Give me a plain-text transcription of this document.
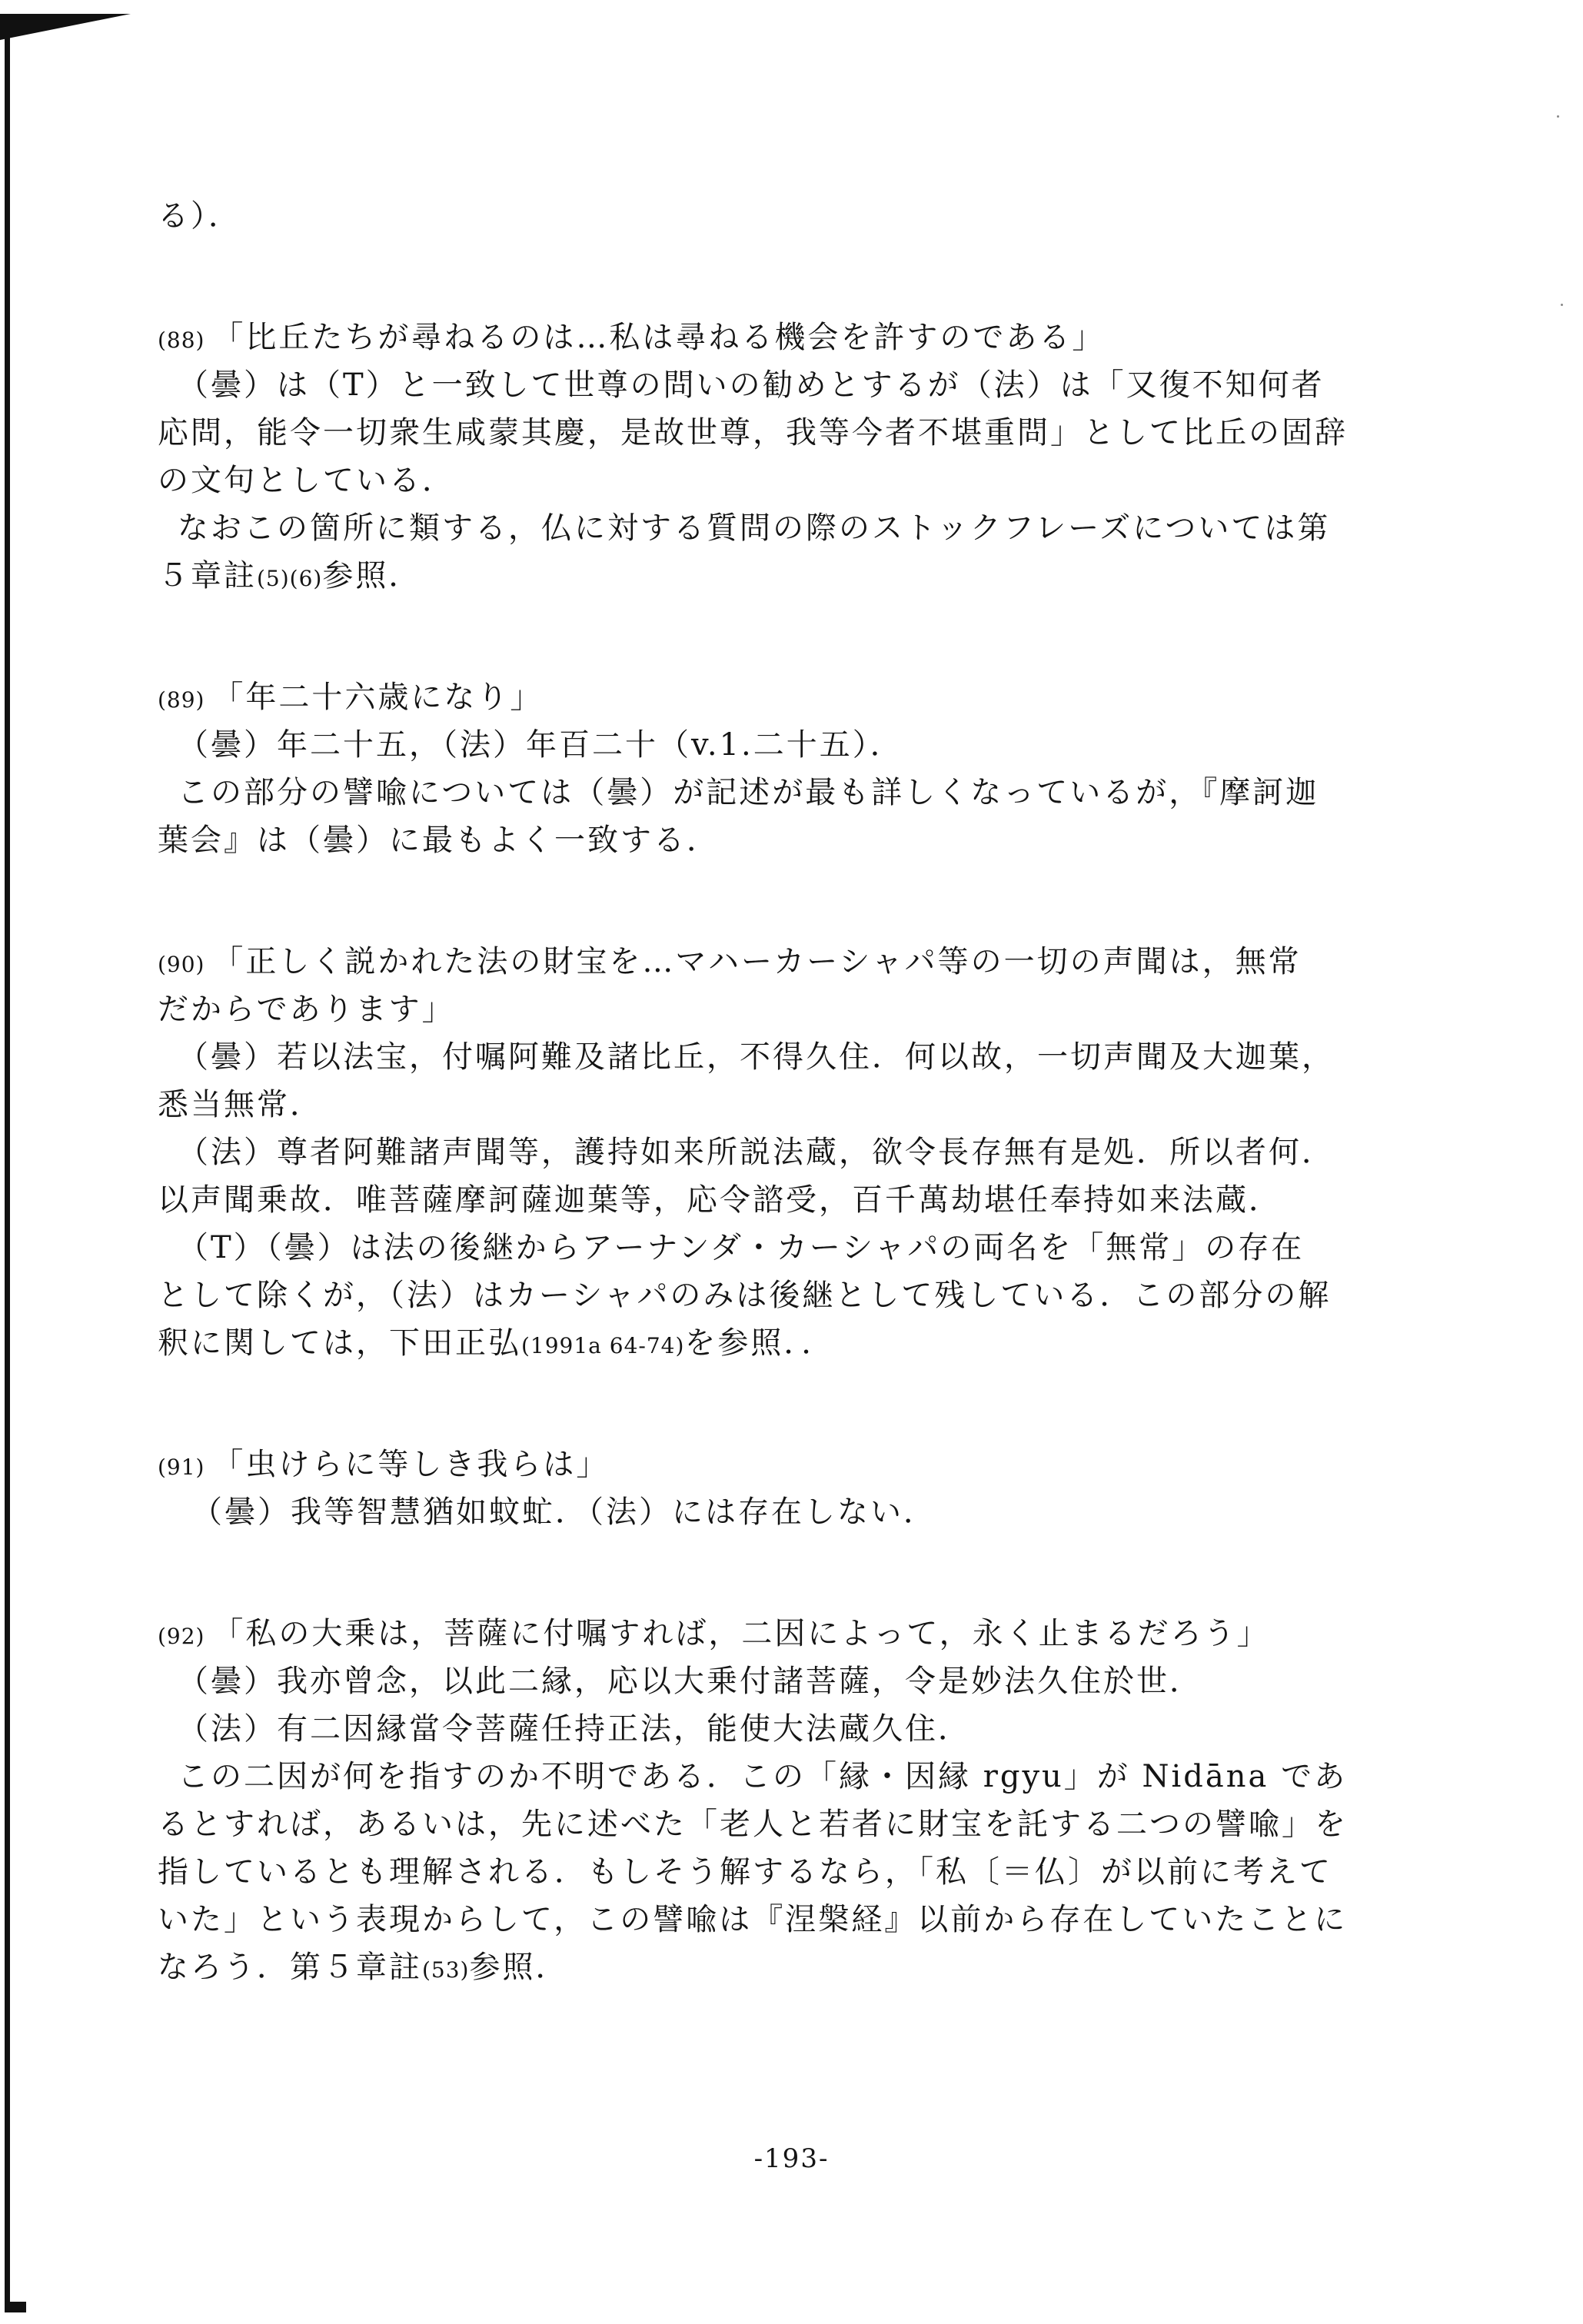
る）．
(88) 「比丘たちが尋ねるのは…私は尋ねる機会を許すのである」
（曇）は（T）と一致して世尊の問いの勧めとするが（法）は「又復不知何者
応問，能令一切衆生咸蒙其慶，是故世尊，我等今者不堪重問」として比丘の固辞
の文句としている．
なおこの箇所に類する，仏に対する質問の際のストックフレーズについては第
５章註(5)(6)参照．
(89) 「年二十六歳になり」
（曇）年二十五，（法）年百二十（v.1.二十五）．
この部分の譬喩については（曇）が記述が最も詳しくなっているが，『摩訶迦
葉会』は（曇）に最もよく一致する．
(90) 「正しく説かれた法の財宝を…マハーカーシャパ等の一切の声聞は，無常
だからであります」
（曇）若以法宝，付嘱阿難及諸比丘，不得久住．何以故，一切声聞及大迦葉，
悉当無常．
（法）尊者阿難諸声聞等，護持如来所説法蔵，欲令長存無有是処．所以者何．
以声聞乗故．唯菩薩摩訶薩迦葉等，応令諮受，百千萬劫堪任奉持如来法蔵．
（T）（曇）は法の後継からアーナンダ・カーシャパの両名を「無常」の存在
として除くが，（法）はカーシャパのみは後継として残している．この部分の解
釈に関しては，下田正弘(1991a 64-74)を参照．．
(91) 「虫けらに等しき我らは」
（曇）我等智慧猶如蚊虻．（法）には存在しない．
(92) 「私の大乗は，菩薩に付嘱すれば，二因によって，永く止まるだろう」
（曇）我亦曾念，以此二縁，応以大乗付諸菩薩，令是妙法久住於世．
（法）有二因縁當令菩薩任持正法，能使大法蔵久住．
この二因が何を指すのか不明である．この「縁・因縁 rgyu」が Nidāna であ
るとすれば，あるいは，先に述べた「老人と若者に財宝を託する二つの譬喩」を
指しているとも理解される．もしそう解するなら，「私〔＝仏〕が以前に考えて
いた」という表現からして，この譬喩は『涅槃経』以前から存在していたことに
なろう．第５章註(53)参照．
-193-
